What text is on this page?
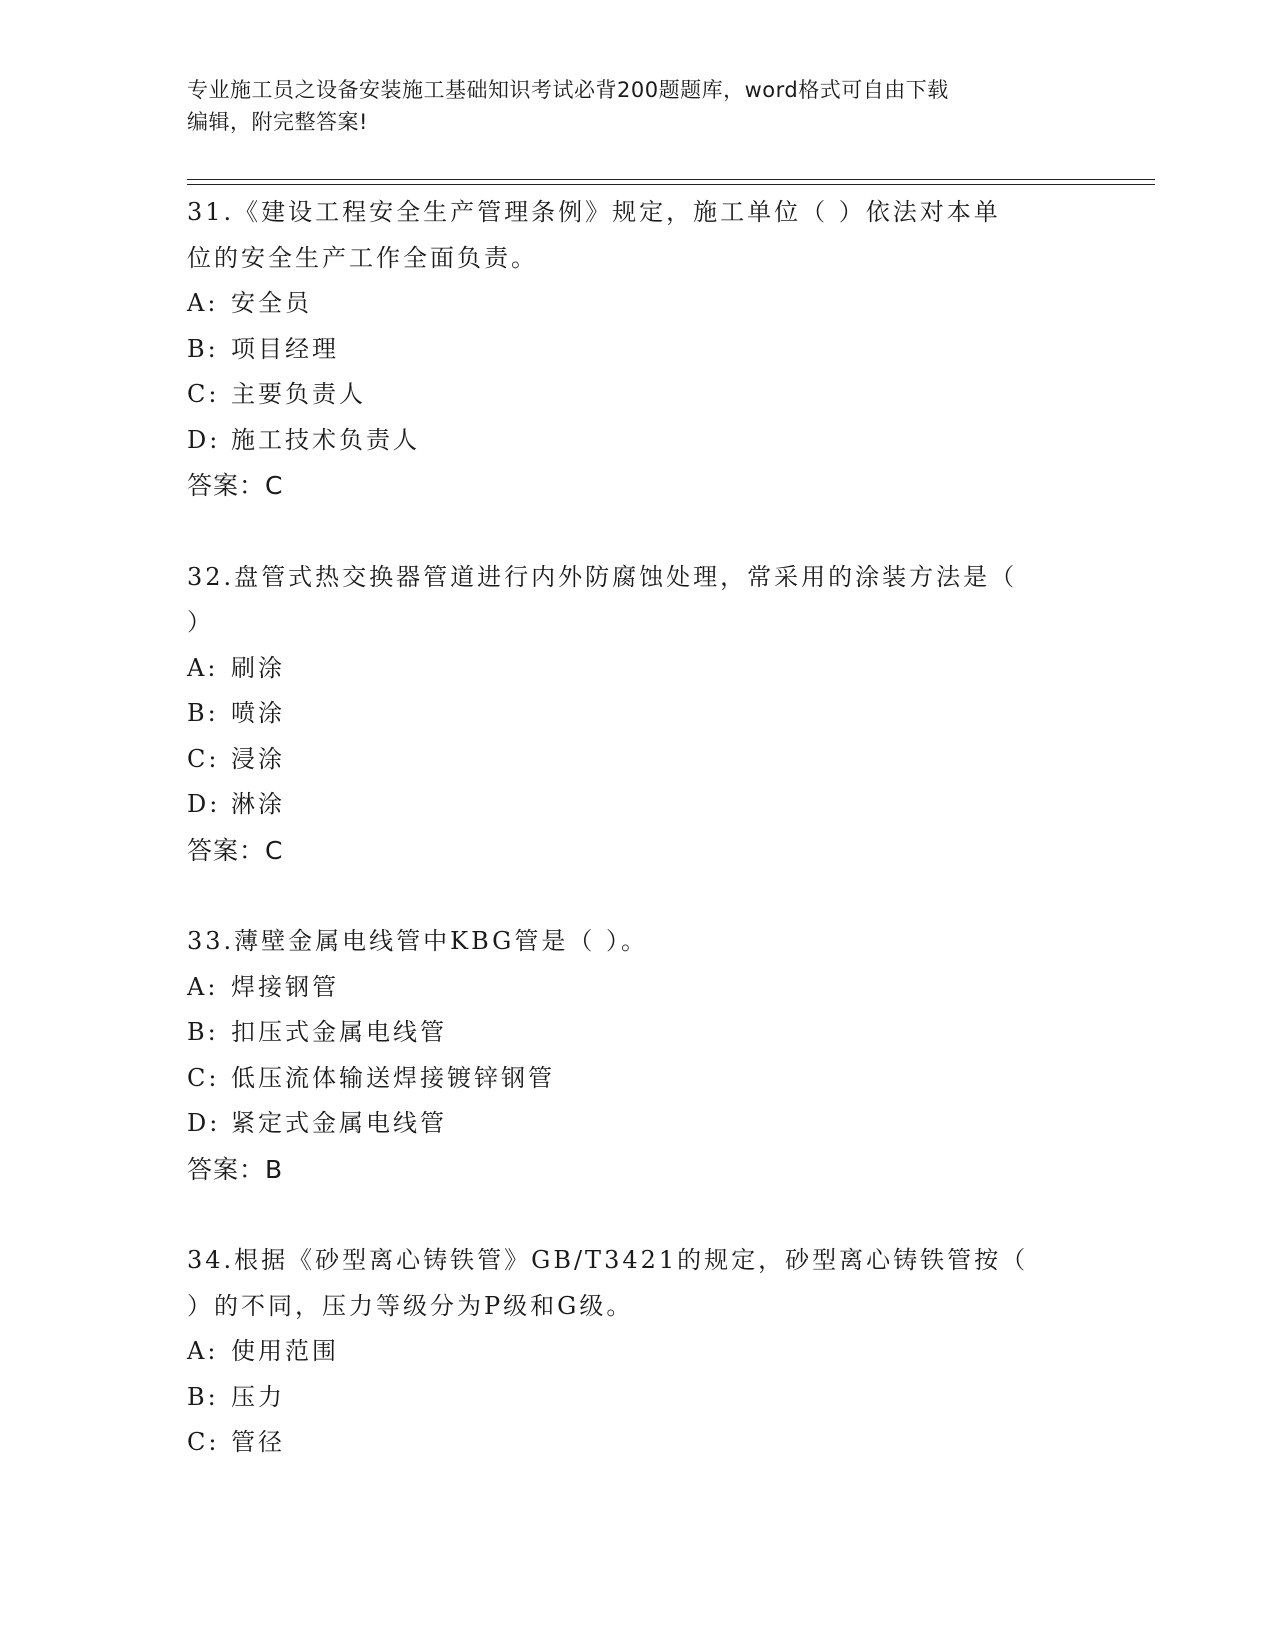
专业施工员之设备安装施工基础知识考试必背200题题库，word格式可自由下载
编辑，附完整答案!
31.《建设工程安全生产管理条例》规定，施工单位（ ）依法对本单
位的安全生产工作全面负责。
A: 安全员
B: 项目经理
C: 主要负责人
D: 施工技术负责人
答案：C
32.盘管式热交换器管道进行内外防腐蚀处理，常采用的涂装方法是（
）
A: 刷涂
B: 喷涂
C: 浸涂
D: 淋涂
答案：C
33.薄壁金属电线管中KBG管是（ ）。
A: 焊接钢管
B: 扣压式金属电线管
C: 低压流体输送焊接镀锌钢管
D: 紧定式金属电线管
答案：B
34.根据《砂型离心铸铁管》GB/T3421的规定，砂型离心铸铁管按（
）的不同，压力等级分为P级和G级。
A: 使用范围
B: 压力
C: 管径
